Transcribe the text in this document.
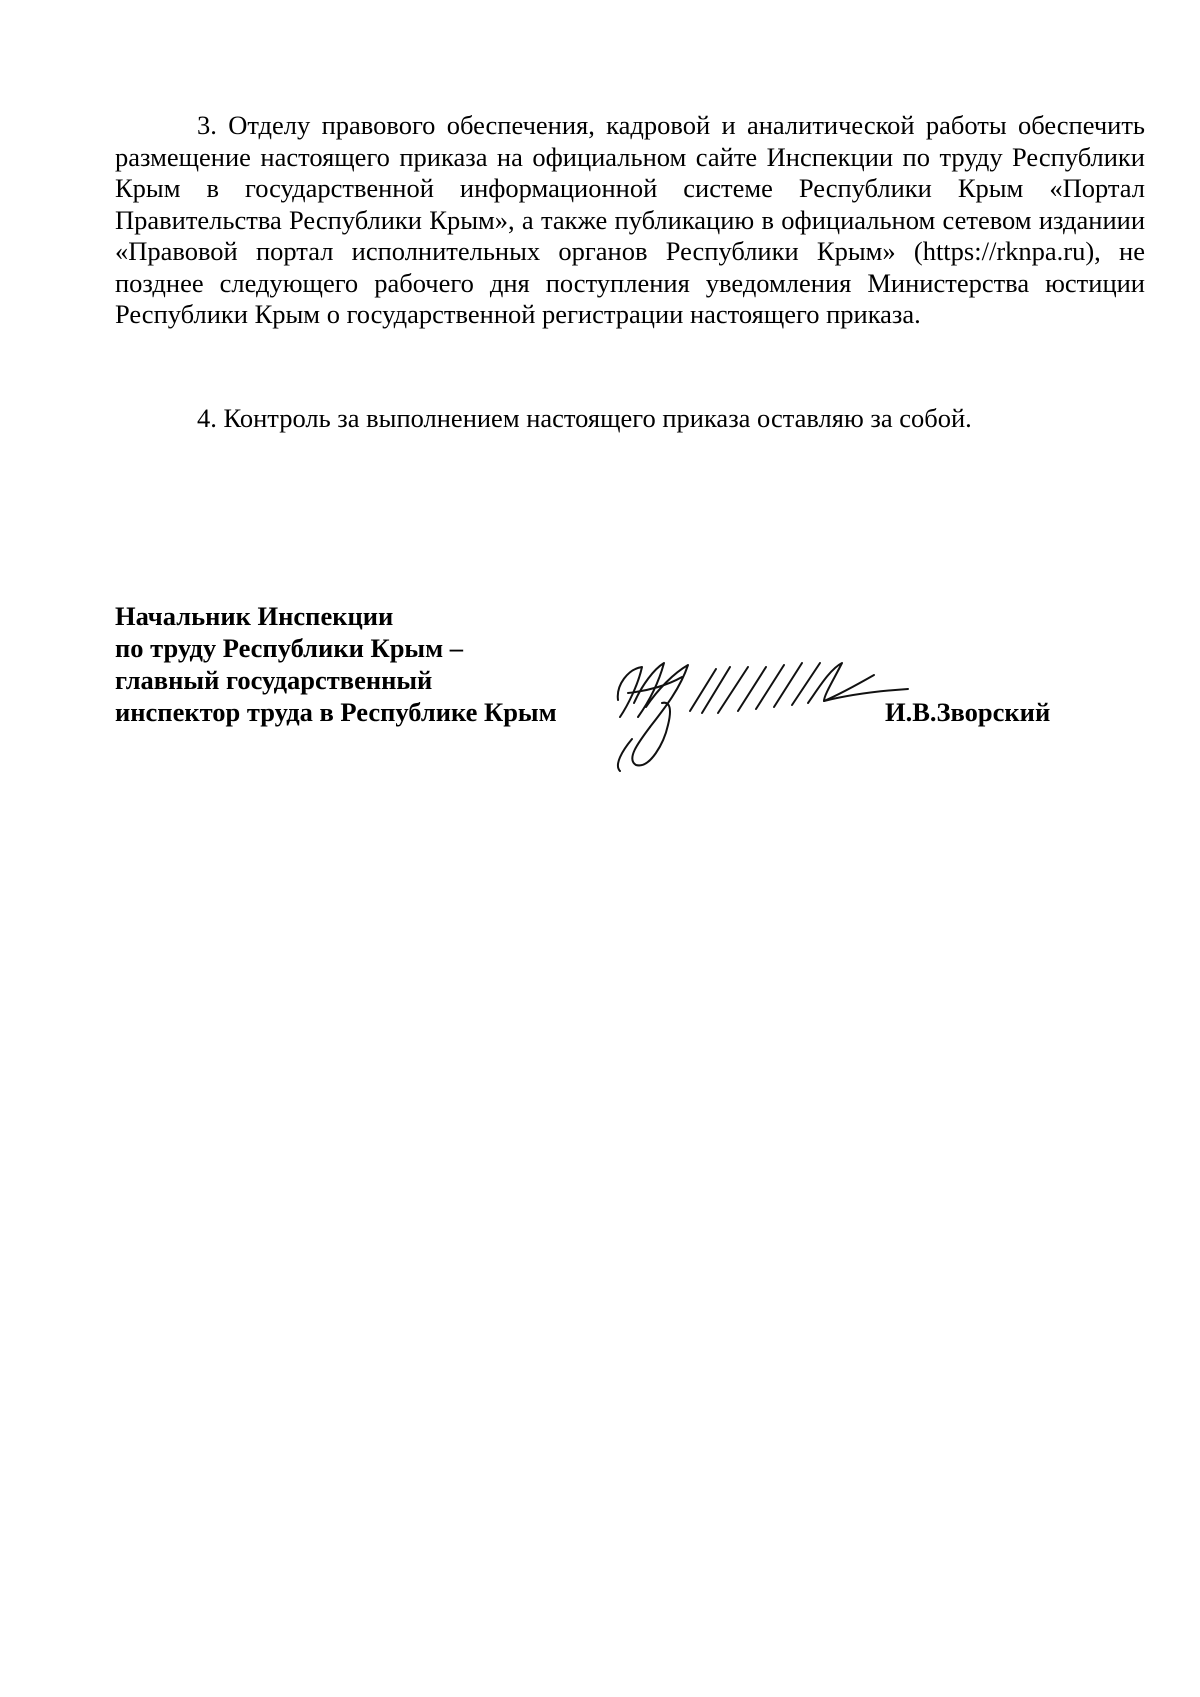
3. Отделу правового обеспечения, кадровой и аналитической работы обеспечить размещение настоящего приказа на официальном сайте Инспекции по труду Республики Крым в государственной информационной системе Республики Крым «Портал Правительства Республики Крым», а также публикацию в официальном сетевом изданиии «Правовой портал исполнительных органов Республики Крым» (https://rknpa.ru), не позднее следующего рабочего дня поступления уведомления Министерства юстиции Республики Крым о государственной регистрации настоящего приказа.

4. Контроль за выполнением настоящего приказа оставляю за собой.

Начальник Инспекции
по труду Республики Крым –
главный государственный
инспектор труда в Республике Крым	И.В.Зворский
